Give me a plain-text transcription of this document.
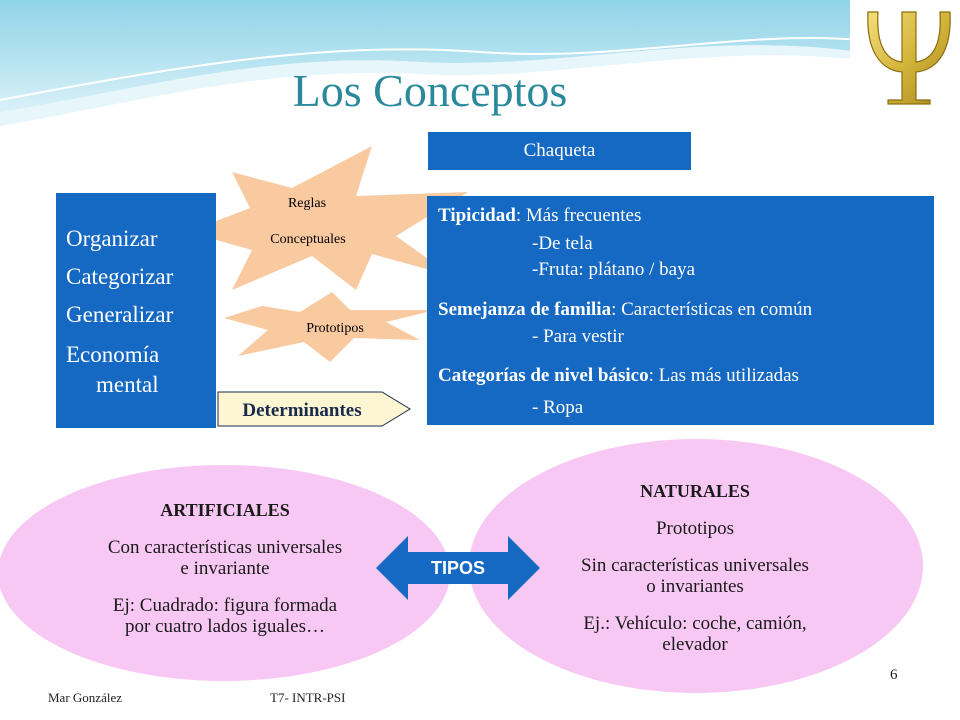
Los Conceptos
Chaqueta
Organizar
Categorizar
Generalizar
Economía
mental
Tipicidad: Más frecuentes
-De tela
-Fruta: plátano / baya
Semejanza de familia: Características en común
- Para vestir
Categorías de nivel básico: Las más utilizadas
- Ropa
Reglas
Conceptuales
Prototipos
Determinantes
ARTIFICIALES
Con características universales
e invariante
Ej: Cuadrado: figura formada
por cuatro lados iguales…
NATURALES
Prototipos
Sin características universales
o invariantes
Ej.: Vehículo: coche, camión,
elevador
TIPOS
Mar González	T7- INTR-PSI
6
